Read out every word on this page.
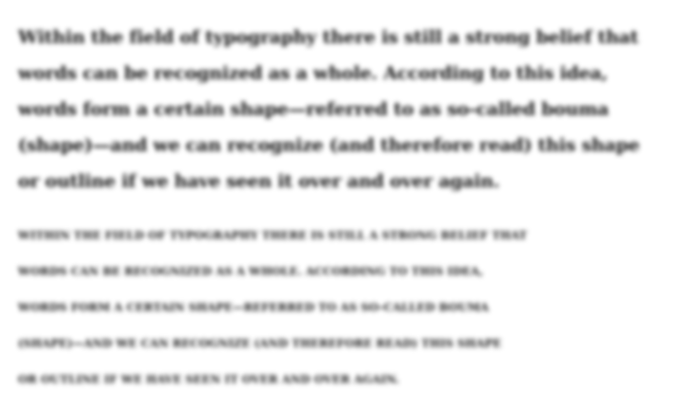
Within the field of typography there is still a strong belief that
words can be recognized as a whole. According to this idea,
words form a certain shape—referred to as so-called bouma
(shape)—and we can recognize (and therefore read) this shape
or outline if we have seen it over and over again.

WITHIN THE FIELD OF TYPOGRAPHY THERE IS STILL A STRONG BELIEF THAT
WORDS CAN BE RECOGNIZED AS A WHOLE. ACCORDING TO THIS IDEA,
WORDS FORM A CERTAIN SHAPE—REFERRED TO AS SO-CALLED BOUMA
(SHAPE)—AND WE CAN RECOGNIZE (AND THEREFORE READ) THIS SHAPE
OR OUTLINE IF WE HAVE SEEN IT OVER AND OVER AGAIN.
